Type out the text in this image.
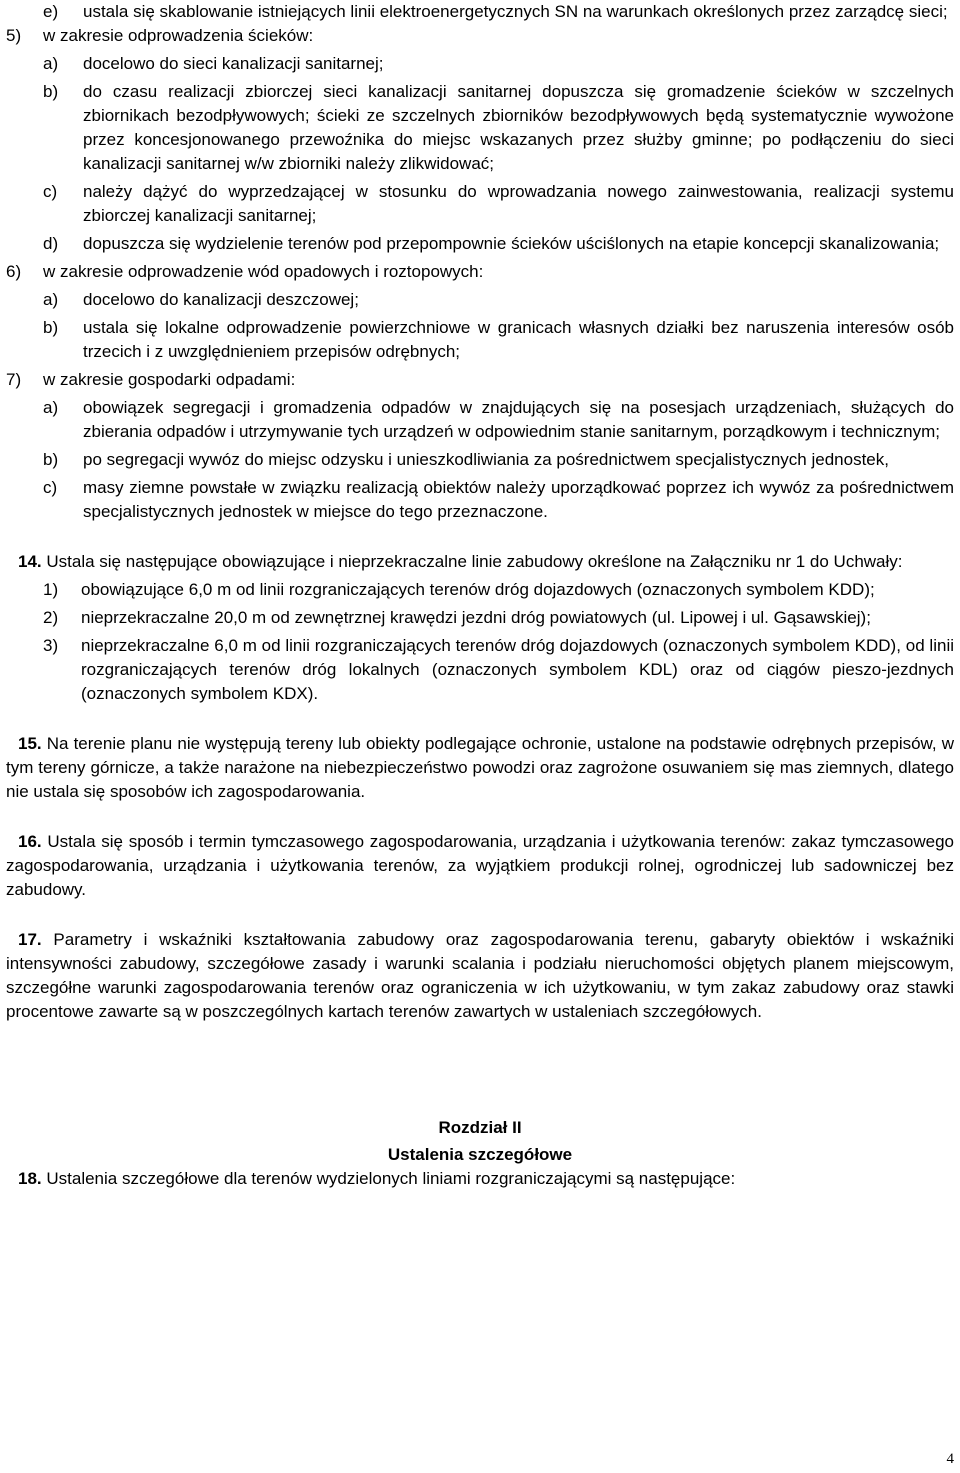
e) ustala się skablowanie istniejących linii elektroenergetycznych SN na warunkach określonych przez zarządcę sieci;
5) w zakresie odprowadzenia ścieków:
a) docelowo do sieci kanalizacji sanitarnej;
b) do czasu realizacji zbiorczej sieci kanalizacji sanitarnej dopuszcza się gromadzenie ścieków w szczelnych zbiornikach bezodpływowych; ścieki ze szczelnych zbiorników bezodpływowych będą systematycznie wywożone przez koncesjonowanego przewoźnika do miejsc wskazanych przez służby gminne; po podłączeniu do sieci kanalizacji sanitarnej w/w zbiorniki należy zlikwidować;
c) należy dążyć do wyprzedzającej w stosunku do wprowadzania nowego zainwestowania, realizacji systemu zbiorczej kanalizacji sanitarnej;
d) dopuszcza się wydzielenie terenów pod przepompownie ścieków uściślonych na etapie koncepcji skanalizowania;
6) w zakresie odprowadzenie wód opadowych i roztopowych:
a) docelowo do kanalizacji deszczowej;
b) ustala się lokalne odprowadzenie powierzchniowe w granicach własnych działki bez naruszenia interesów osób trzecich i z uwzględnieniem przepisów odrębnych;
7) w zakresie gospodarki odpadami:
a) obowiązek segregacji i gromadzenia odpadów w znajdujących się na posesjach urządzeniach, służących do zbierania odpadów i utrzymywanie tych urządzeń w odpowiednim stanie sanitarnym, porządkowym i technicznym;
b) po segregacji wywóz do miejsc odzysku i unieszkodliwiania za pośrednictwem specjalistycznych jednostek,
c) masy ziemne powstałe w związku realizacją obiektów należy uporządkować poprzez ich wywóz za pośrednictwem specjalistycznych jednostek w miejsce do tego przeznaczone.
14. Ustala się następujące obowiązujące i nieprzekraczalne linie zabudowy określone na Załączniku nr 1 do Uchwały:
1) obowiązujące 6,0 m od linii rozgraniczających terenów dróg dojazdowych (oznaczonych symbolem KDD);
2) nieprzekraczalne 20,0 m od zewnętrznej krawędzi jezdni dróg powiatowych (ul. Lipowej i ul. Gąsawskiej);
3) nieprzekraczalne 6,0 m od linii rozgraniczających terenów dróg dojazdowych (oznaczonych symbolem KDD), od linii rozgraniczających terenów dróg lokalnych (oznaczonych symbolem KDL) oraz od ciągów pieszo-jezdnych (oznaczonych symbolem KDX).
15. Na terenie planu nie występują tereny lub obiekty podlegające ochronie, ustalone na podstawie odrębnych przepisów, w tym tereny górnicze, a także narażone na niebezpieczeństwo powodzi oraz zagrożone osuwaniem się mas ziemnych, dlatego nie ustala się sposobów ich zagospodarowania.
16. Ustala się sposób i termin tymczasowego zagospodarowania, urządzania i użytkowania terenów: zakaz tymczasowego zagospodarowania, urządzania i użytkowania terenów, za wyjątkiem produkcji rolnej, ogrodniczej lub sadowniczej bez zabudowy.
17. Parametry i wskaźniki kształtowania zabudowy oraz zagospodarowania terenu, gabaryty obiektów i wskaźniki intensywności zabudowy, szczegółowe zasady i warunki scalania i podziału nieruchomości objętych planem miejscowym, szczegółne warunki zagospodarowania terenów oraz ograniczenia w ich użytkowaniu, w tym zakaz zabudowy oraz stawki procentowe zawarte są w poszczególnych kartach terenów zawartych w ustaleniach szczegółowych.
Rozdział II
Ustalenia szczegółowe
18. Ustalenia szczegółowe dla terenów wydzielonych liniami rozgraniczającymi są następujące:
4
